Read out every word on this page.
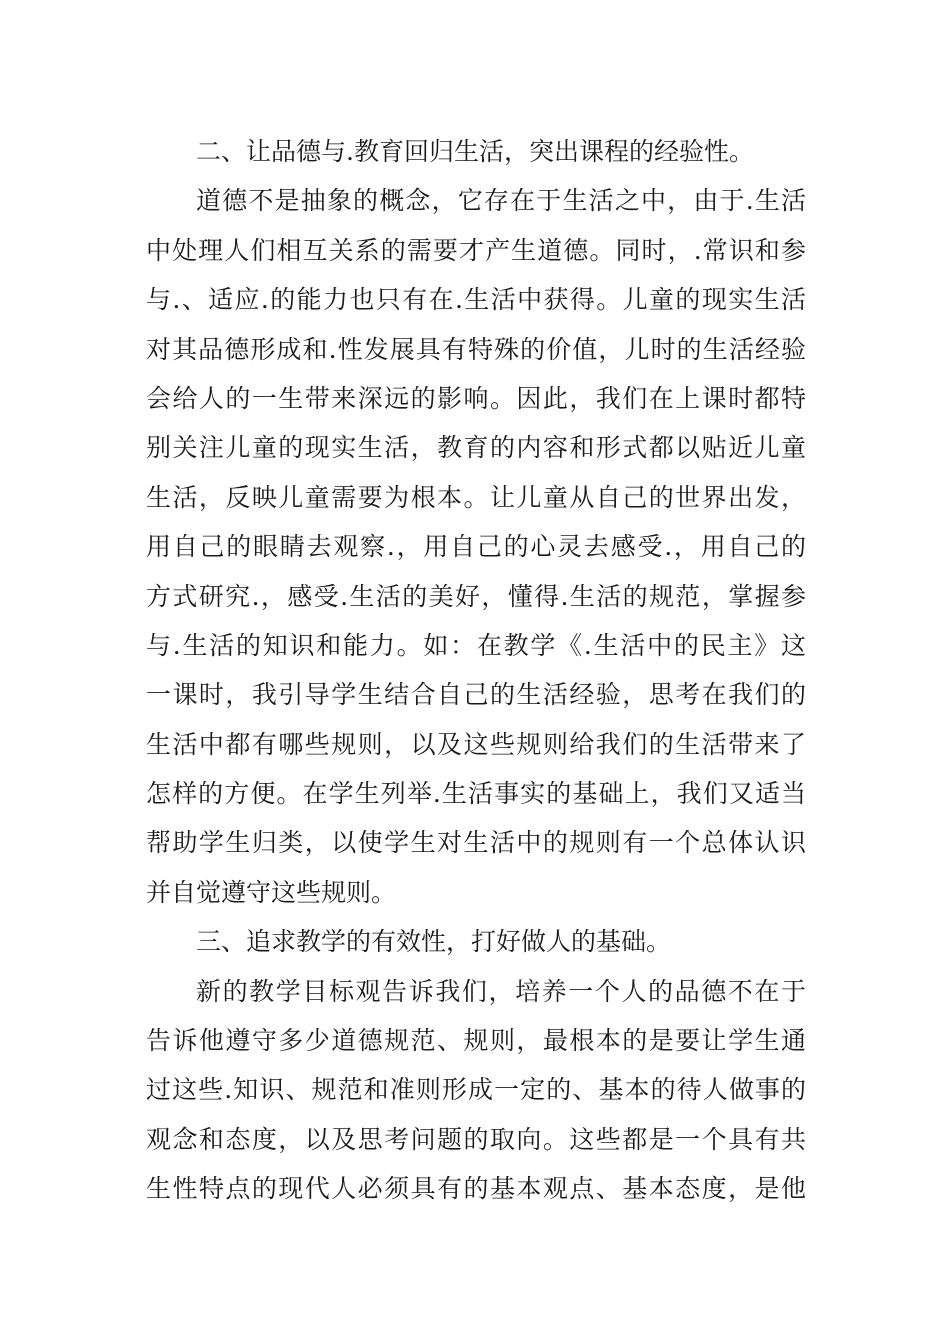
二、让品德与.教育回归生活，突出课程的经验性。
道德不是抽象的概念，它存在于生活之中，由于.生活
中处理人们相互关系的需要才产生道德。同时，.常识和参
与.、适应.的能力也只有在.生活中获得。儿童的现实生活
对其品德形成和.性发展具有特殊的价值，儿时的生活经验
会给人的一生带来深远的影响。因此，我们在上课时都特
别关注儿童的现实生活，教育的内容和形式都以贴近儿童
生活，反映儿童需要为根本。让儿童从自己的世界出发，
用自己的眼睛去观察.，用自己的心灵去感受.，用自己的
方式研究.，感受.生活的美好，懂得.生活的规范，掌握参
与.生活的知识和能力。如：在教学《.生活中的民主》这
一课时，我引导学生结合自己的生活经验，思考在我们的
生活中都有哪些规则，以及这些规则给我们的生活带来了
怎样的方便。在学生列举.生活事实的基础上，我们又适当
帮助学生归类，以使学生对生活中的规则有一个总体认识
并自觉遵守这些规则。
三、追求教学的有效性，打好做人的基础。
新的教学目标观告诉我们，培养一个人的品德不在于
告诉他遵守多少道德规范、规则，最根本的是要让学生通
过这些.知识、规范和准则形成一定的、基本的待人做事的
观念和态度，以及思考问题的取向。这些都是一个具有共
生性特点的现代人必须具有的基本观点、基本态度，是他
